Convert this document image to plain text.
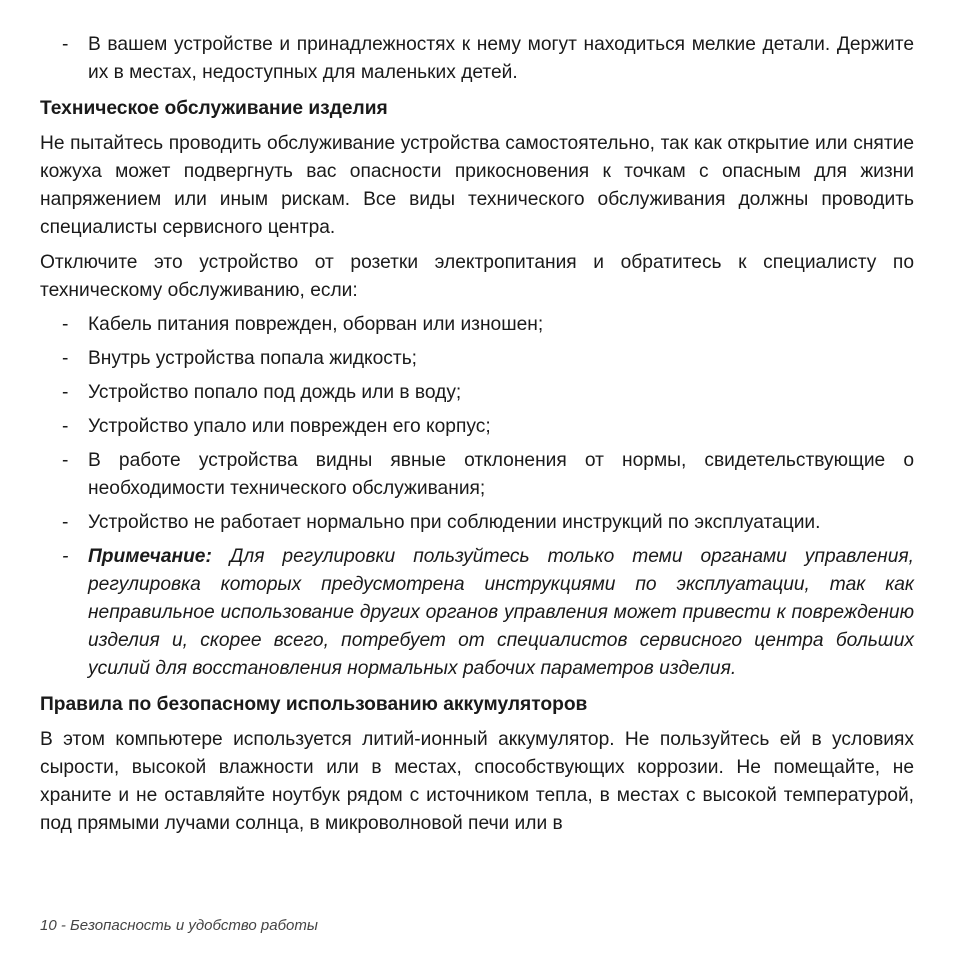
-	В вашем устройстве и принадлежностях к нему могут находиться мелкие детали. Держите их в местах, недоступных для маленьких детей.
Техническое обслуживание изделия

Не пытайтесь проводить обслуживание устройства самостоятельно, так как открытие или снятие кожуха может подвергнуть вас опасности прикосновения к точкам с опасным для жизни напряжением или иным рискам. Все виды технического обслуживания должны проводить специалисты сервисного центра.

Отключите это устройство от розетки электропитания и обратитесь к специалисту по техническому обслуживанию, если:

-	Кабель питания поврежден, оборван или изношен;
-	Внутрь устройства попала жидкость;
-	Устройство попало под дождь или в воду;
-	Устройство упало или поврежден его корпус;
-	В работе устройства видны явные отклонения от нормы, свидетельствующие о необходимости технического обслуживания;
-	Устройство не работает нормально при соблюдении инструкций по эксплуатации.
-	Примечание: Для регулировки пользуйтесь только теми органами управления, регулировка которых предусмотрена инструкциями по эксплуатации, так как неправильное использование других органов управления может привести к повреждению изделия и, скорее всего, потребует от специалистов сервисного центра больших усилий для восстановления нормальных рабочих параметров изделия.
Правила по безопасному использованию аккумуляторов

В этом компьютере используется литий-ионный аккумулятор. Не пользуйтесь ей в условиях сырости, высокой влажности или в местах, способствующих коррозии. Не помещайте, не храните и не оставляйте ноутбук рядом с источником тепла, в местах с высокой температурой, под прямыми лучами солнца, в микроволновой печи или в

10 - Безопасность и удобство работы
